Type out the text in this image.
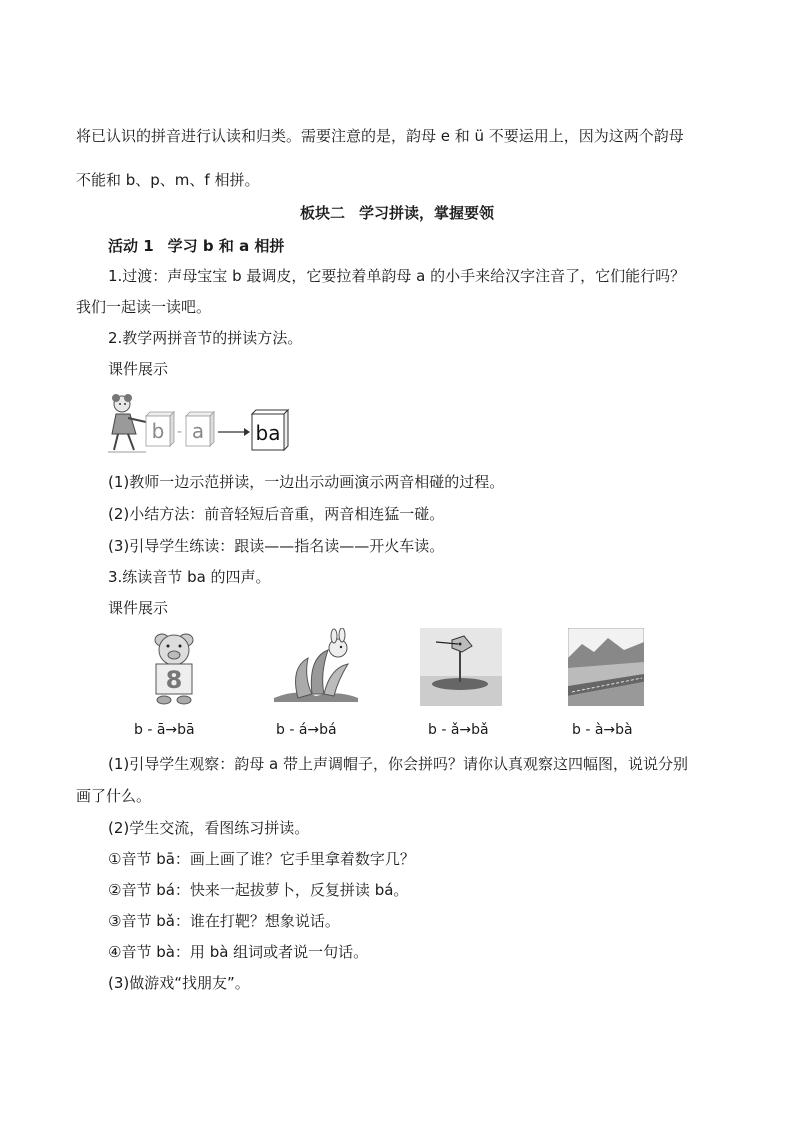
将已认识的拼音进行认读和归类。需要注意的是，韵母 e 和 ü 不要运用上，因为这两个韵母
不能和 b、p、m、f 相拼。
板块二 学习拼读，掌握要领
活动 1 学习 b 和 a 相拼
1.过渡：声母宝宝 b 最调皮，它要拉着单韵母 a 的小手来给汉字注音了，它们能行吗？
我们一起读一读吧。
2.教学两拼音节的拼读方法。
课件展示
b - a	ba
(1)教师一边示范拼读，一边出示动画演示两音相碰的过程。
(2)小结方法：前音轻短后音重，两音相连猛一碰。
(3)引导学生练读：跟读——指名读——开火车读。
3.练读音节 ba 的四声。
课件展示
8
b - ā→bā	b - á→bá	b - ǎ→bǎ	b - à→bà
(1)引导学生观察：韵母 a 带上声调帽子，你会拼吗？请你认真观察这四幅图，说说分别
画了什么。
(2)学生交流，看图练习拼读。
①音节 bā：画上画了谁？它手里拿着数字几？
②音节 bá：快来一起拔萝卜，反复拼读 bá。
③音节 bǎ：谁在打靶？想象说话。
④音节 bà：用 bà 组词或者说一句话。
(3)做游戏“找朋友”。
